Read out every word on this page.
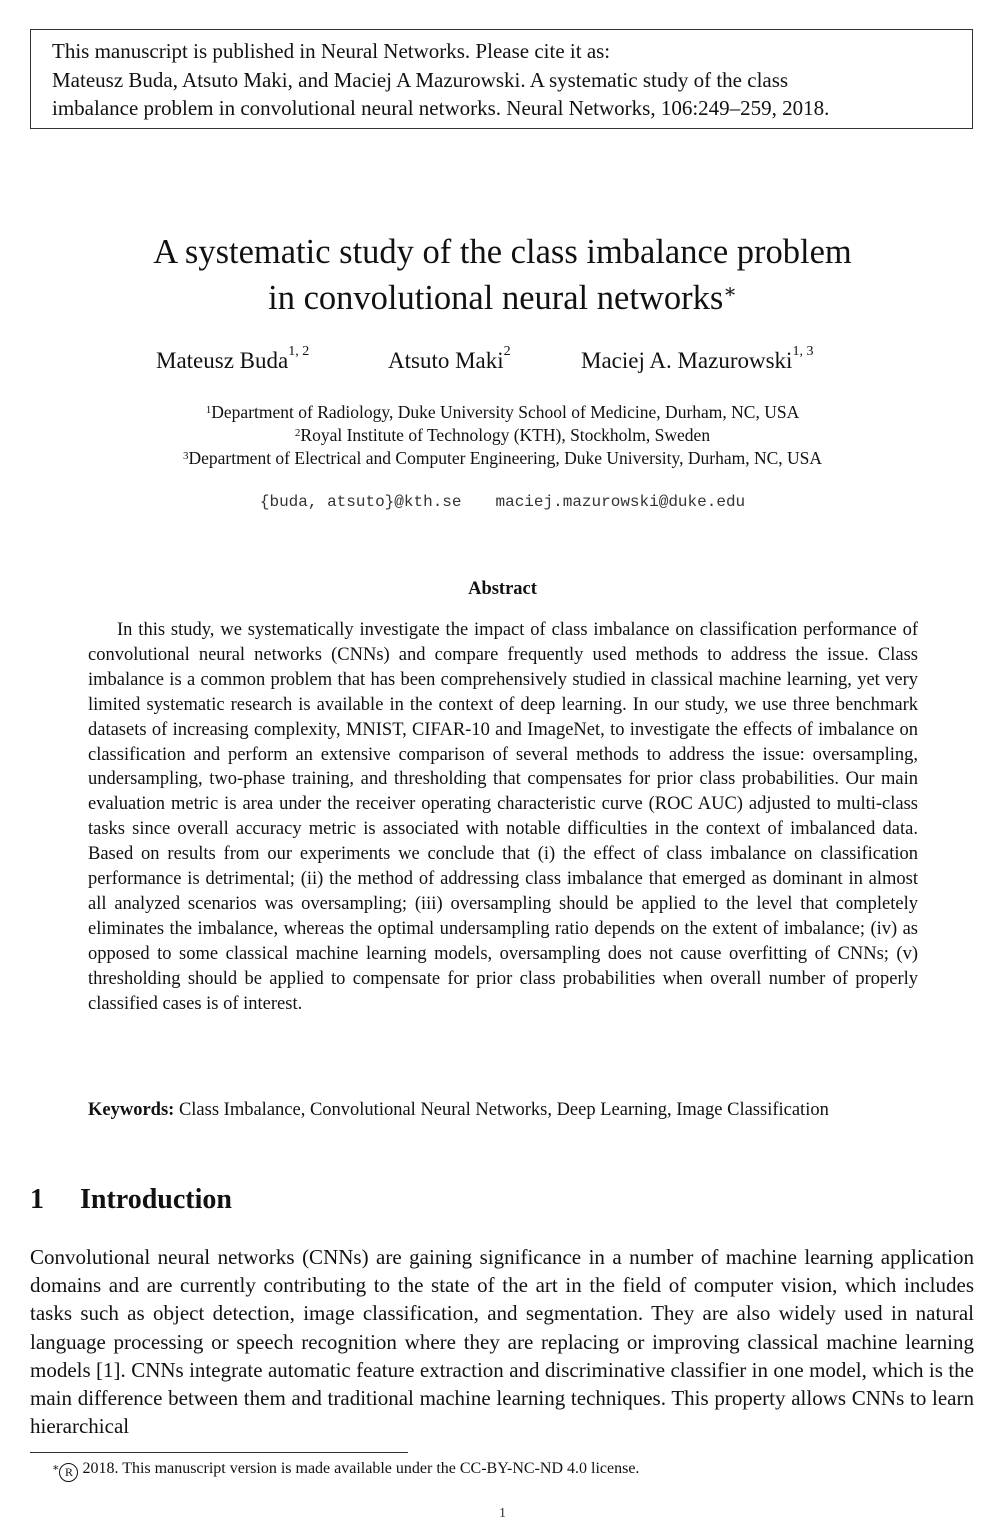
This manuscript is published in Neural Networks. Please cite it as:
Mateusz Buda, Atsuto Maki, and Maciej A Mazurowski. A systematic study of the class
imbalance problem in convolutional neural networks. Neural Networks, 106:249–259, 2018.
A systematic study of the class imbalance problem
in convolutional neural networks∗
Mateusz Buda$^{1, 2}$	Atsuto Maki$^2$	Maciej A. Mazurowski$^{1, 3}$
$^1$Department of Radiology, Duke University School of Medicine, Durham, NC, USA
$^2$Royal Institute of Technology (KTH), Stockholm, Sweden
$^3$Department of Electrical and Computer Engineering, Duke University, Durham, NC, USA
{buda, atsuto}@kth.se maciej.mazurowski@duke.edu
Abstract

In this study, we systematically investigate the impact of class imbalance on classification performance of convolutional neural networks (CNNs) and compare frequently used methods to address the issue. Class imbalance is a common problem that has been comprehensively studied in classical machine learning, yet very limited systematic research is available in the context of deep learning. In our study, we use three benchmark datasets of increasing complexity, MNIST, CIFAR-10 and ImageNet, to investigate the effects of imbalance on classification and perform an extensive comparison of several methods to address the issue: oversampling, undersampling, two-phase training, and thresholding that compensates for prior class probabilities. Our main evaluation metric is area under the receiver operating characteristic curve (ROC AUC) adjusted to multi-class tasks since overall accuracy metric is associated with notable difficulties in the context of imbalanced data. Based on results from our experiments we conclude that (i) the effect of class imbalance on classification performance is detrimental; (ii) the method of addressing class imbalance that emerged as dominant in almost all analyzed scenarios was oversampling; (iii) oversampling should be applied to the level that completely eliminates the imbalance, whereas the optimal undersampling ratio depends on the extent of imbalance; (iv) as opposed to some classical machine learning models, oversampling does not cause overfitting of CNNs; (v) thresholding should be applied to compensate for prior class probabilities when overall number of properly classified cases is of interest.

Keywords: Class Imbalance, Convolutional Neural Networks, Deep Learning, Image Classification
1 Introduction

Convolutional neural networks (CNNs) are gaining significance in a number of machine learning application domains and are currently contributing to the state of the art in the field of computer vision, which includes tasks such as object detection, image classification, and segmentation. They are also widely used in natural language processing or speech recognition where they are replacing or improving classical machine learning models [1]. CNNs integrate automatic feature extraction and discriminative classifier in one model, which is the main difference between them and traditional machine learning techniques. This property allows CNNs to learn hierarchical

∗ R 2018. This manuscript version is made available under the CC-BY-NC-ND 4.0 license.
1
